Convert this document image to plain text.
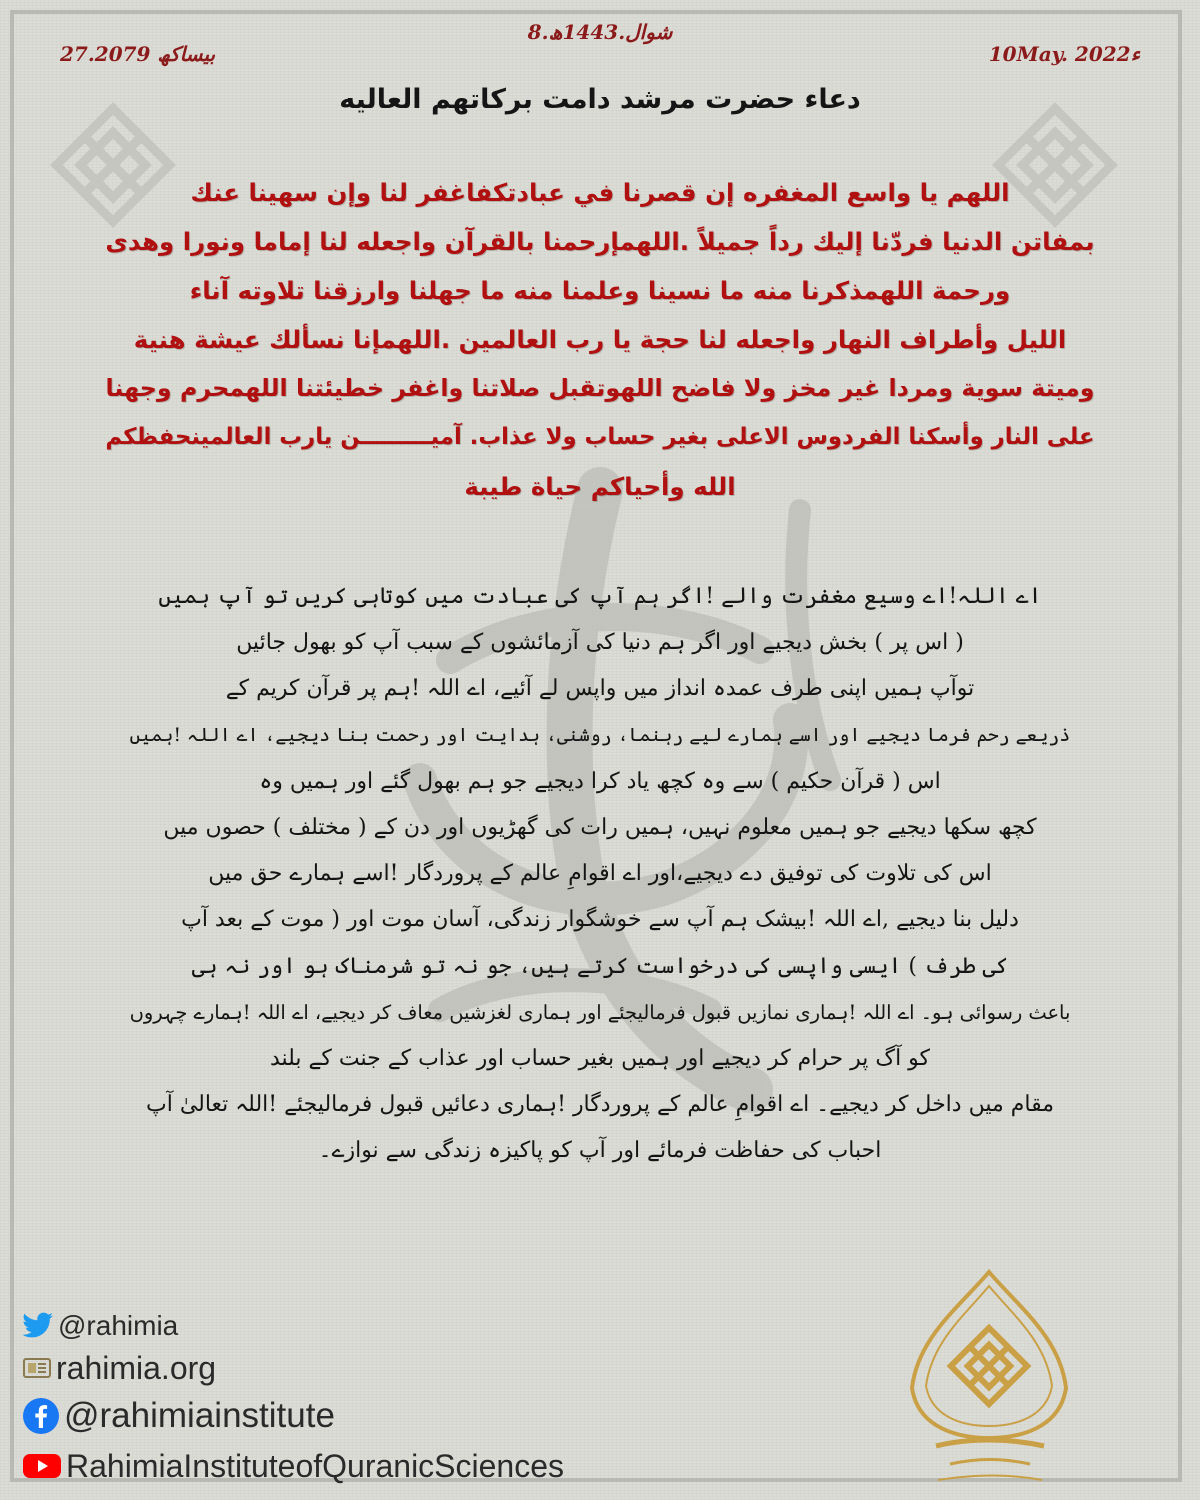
10May. 2022ء
8.شوال.1443ھ
27.بیساکھ 2079
دعاء حضرت مرشد دامت برکاتهم العاليه
اللهم يا واسع المغفره إن قصرنا في عبادتكفاغفر لنا وإن سهينا عنك
بمفاتن الدنيا فردّنا إليك رداً جميلاً .اللهمإرحمنا بالقرآن واجعله لنا إماما ونورا وهدى
ورحمة اللهمذكرنا منه ما نسينا وعلمنا منه ما جهلنا وارزقنا تلاوته آناء
الليل وأطراف النهار واجعله لنا حجة يا رب العالمين .اللهمإنا نسألك عيشة هنية
وميتة سوية ومردا غير مخز ولا فاضح اللهوتقبل صلاتنا واغفر خطيئتنا اللهمحرم وجهنا
على النار وأسكنا الفردوس الاعلى بغير حساب ولا عذاب. آميـــــــــن يارب العالمينحفظكم
الله وأحياكم حياة طيبة
اے اللہ!اے وسیع مغفرت والے !اگر ہم آپ کی عبادت میں کوتاہی کریں تو آپ ہمیں
( اس پر ) بخش دیجیے اور اگر ہم دنیا کی آزمائشوں کے سبب آپ کو بھول جائیں
توآپ ہمیں اپنی طرف عمدہ انداز میں واپس لے آئیے، اے اللہ !ہم پر قرآن کریم کے
ذریعے رحم فرما دیجیے اور اسے ہمارے لیے رہنما، روشنی، ہدایت اور رحمت بنا دیجیے، اے اللہ !ہمیں
اس ( قرآن حکیم ) سے وہ کچھ یاد کرا دیجیے جو ہم بھول گئے اور ہمیں وہ
کچھ سکھا دیجیے جو ہمیں معلوم نہیں، ہمیں رات کی گھڑیوں اور دن کے ( مختلف ) حصوں میں
اس کی تلاوت کی توفیق دے دیجیے،اور اے اقوامِ عالم کے پروردگار !اسے ہمارے حق میں
دلیل بنا دیجیے ,اے اللہ !بیشک ہم آپ سے خوشگوار زندگی، آسان موت اور ( موت کے بعد آپ
کی طرف ) ایسی واپسی کی درخواست کرتے ہیں، جو نہ تو شرمناک ہو اور نہ ہی
باعث رسوائی ہو۔ اے اللہ !ہماری نمازیں قبول فرمالیجئے اور ہماری لغزشیں معاف کر دیجیے، اے اللہ !ہمارے چہروں
کو آگ پر حرام کر دیجیے اور ہمیں بغیر حساب اور عذاب کے جنت کے بلند
مقام میں داخل کر دیجیے۔ اے اقوامِ عالم کے پروردگار !ہماری دعائیں قبول فرمالیجئے !اللہ تعالیٰ آپ
احباب کی حفاظت فرمائے اور آپ کو پاکیزہ زندگی سے نوازے۔
@rahimia
rahimia.org
@rahimiainstitute
RahimiaInstituteofQuranicSciences
